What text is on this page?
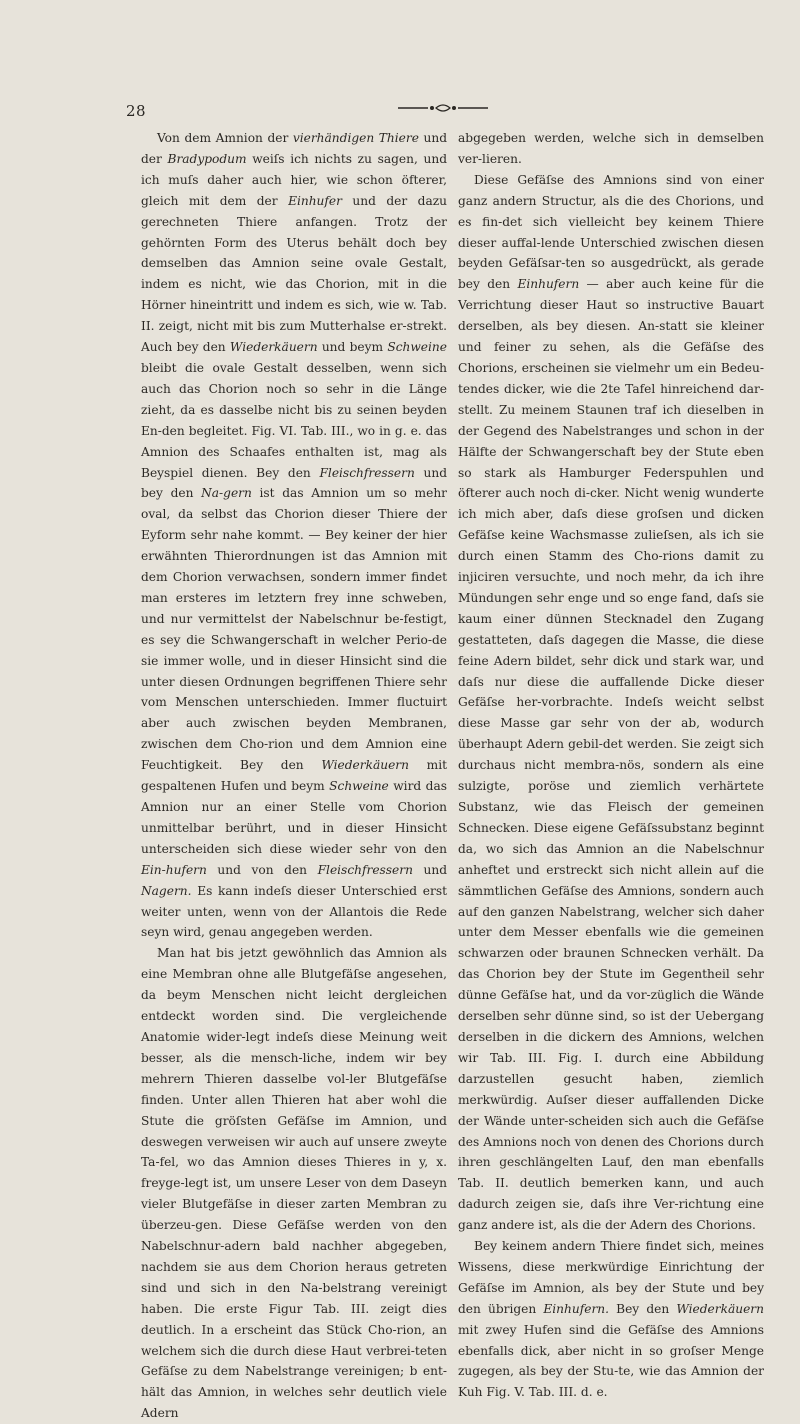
28

Von dem Amnion der vierhändigen Thiere und der Bradypodum weiſs ich nichts zu sagen, und ich muſs daher auch hier, wie schon öfterer, gleich mit dem der Einhufer und der dazu gerechneten Thiere anfangen. Trotz der gehörnten Form des Uterus behält doch bey demselben das Amnion seine ovale Gestalt, indem es nicht, wie das Chorion, mit in die Hörner hineintritt und indem es sich, wie w. Tab. II. zeigt, nicht mit bis zum Mutterhalse er-strekt. Auch bey den Wiederkäuern und beym Schweine bleibt die ovale Gestalt desselben, wenn sich auch das Chorion noch so sehr in die Länge zieht, da es dasselbe nicht bis zu seinen beyden En-den begleitet. Fig. VI. Tab. III., wo in g. e. das Amnion des Schaafes enthalten ist, mag als Beyspiel dienen. Bey den Fleischfressern und bey den Na-gern ist das Amnion um so mehr oval, da selbst das Chorion dieser Thiere der Eyform sehr nahe kommt. — Bey keiner der hier erwähnten Thierordnungen ist das Amnion mit dem Chorion verwachsen, sondern immer findet man ersteres im letztern frey inne schweben, und nur vermittelst der Nabelschnur be-festigt, es sey die Schwangerschaft in welcher Perio-de sie immer wolle, und in dieser Hinsicht sind die unter diesen Ordnungen begriffenen Thiere sehr vom Menschen unterschieden. Immer fluctuirt aber auch zwischen beyden Membranen, zwischen dem Cho-rion und dem Amnion eine Feuchtigkeit. Bey den Wiederkäuern mit gespaltenen Hufen und beym Schweine wird das Amnion nur an einer Stelle vom Chorion unmittelbar berührt, und in dieser Hinsicht unterscheiden sich diese wieder sehr von den Ein-hufern und von den Fleischfressern und Nagern. Es kann indeſs dieser Unterschied erst weiter unten, wenn von der Allantois die Rede seyn wird, genau angegeben werden.

Man hat bis jetzt gewöhnlich das Amnion als eine Membran ohne alle Blutgefäſse angesehen, da beym Menschen nicht leicht dergleichen entdeckt worden sind. Die vergleichende Anatomie wider-legt indeſs diese Meinung weit besser, als die mensch-liche, indem wir bey mehrern Thieren dasselbe vol-ler Blutgefäſse finden. Unter allen Thieren hat aber wohl die Stute die gröſsten Gefäſse im Amnion, und deswegen verweisen wir auch auf unsere zweyte Ta-fel, wo das Amnion dieses Thieres in y, x. freyge-legt ist, um unsere Leser von dem Daseyn vieler Blutgefäſse in dieser zarten Membran zu überzeu-gen. Diese Gefäſse werden von den Nabelschnur-adern bald nachher abgegeben, nachdem sie aus dem Chorion heraus getreten sind und sich in den Na-belstrang vereinigt haben. Die erste Figur Tab. III. zeigt dies deutlich. In a erscheint das Stück Cho-rion, an welchem sich die durch diese Haut verbrei-teten Gefäſse zu dem Nabelstrange vereinigen; b ent-hält das Amnion, in welches sehr deutlich viele Adern

abgegeben werden, welche sich in demselben ver-lieren.

Diese Gefäſse des Amnions sind von einer ganz andern Structur, als die des Chorions, und es fin-det sich vielleicht bey keinem Thiere dieser auffal-lende Unterschied zwischen diesen beyden Gefäſsar-ten so ausgedrückt, als gerade bey den Einhufern — aber auch keine für die Verrichtung dieser Haut so instructive Bauart derselben, als bey diesen. An-statt sie kleiner und feiner zu sehen, als die Gefäſse des Chorions, erscheinen sie vielmehr um ein Bedeu-tendes dicker, wie die 2te Tafel hinreichend dar-stellt. Zu meinem Staunen traf ich dieselben in der Gegend des Nabelstranges und schon in der Hälfte der Schwangerschaft bey der Stute eben so stark als Hamburger Federspuhlen und öfterer auch noch di-cker. Nicht wenig wunderte ich mich aber, daſs diese groſsen und dicken Gefäſse keine Wachsmasse zulieſsen, als ich sie durch einen Stamm des Cho-rions damit zu injiciren versuchte, und noch mehr, da ich ihre Mündungen sehr enge und so enge fand, daſs sie kaum einer dünnen Stecknadel den Zugang gestatteten, daſs dagegen die Masse, die diese feine Adern bildet, sehr dick und stark war, und daſs nur diese die auffallende Dicke dieser Gefäſse her-vorbrachte. Indeſs weicht selbst diese Masse gar sehr von der ab, wodurch überhaupt Adern gebil-det werden. Sie zeigt sich durchaus nicht membra-nös, sondern als eine sulzigte, poröse und ziemlich verhärtete Substanz, wie das Fleisch der gemeinen Schnecken. Diese eigene Gefäſssubstanz beginnt da, wo sich das Amnion an die Nabelschnur anheftet und erstreckt sich nicht allein auf die sämmtlichen Gefäſse des Amnions, sondern auch auf den ganzen Nabelstrang, welcher sich daher unter dem Messer ebenfalls wie die gemeinen schwarzen oder braunen Schnecken verhält. Da das Chorion bey der Stute im Gegentheil sehr dünne Gefäſse hat, und da vor-züglich die Wände derselben sehr dünne sind, so ist der Uebergang derselben in die dickern des Amnions, welchen wir Tab. III. Fig. I. durch eine Abbildung darzustellen gesucht haben, ziemlich merkwürdig. Auſser dieser auffallenden Dicke der Wände unter-scheiden sich auch die Gefäſse des Amnions noch von denen des Chorions durch ihren geschlängelten Lauf, den man ebenfalls Tab. II. deutlich bemerken kann, und auch dadurch zeigen sie, daſs ihre Ver-richtung eine ganz andere ist, als die der Adern des Chorions.

Bey keinem andern Thiere findet sich, meines Wissens, diese merkwürdige Einrichtung der Gefäſse im Amnion, als bey der Stute und bey den übrigen Einhufern. Bey den Wiederkäuern mit zwey Hufen sind die Gefäſse des Amnions ebenfalls dick, aber nicht in so groſser Menge zugegen, als bey der Stu-te, wie das Amnion der Kuh Fig. V. Tab. III. d. e.
